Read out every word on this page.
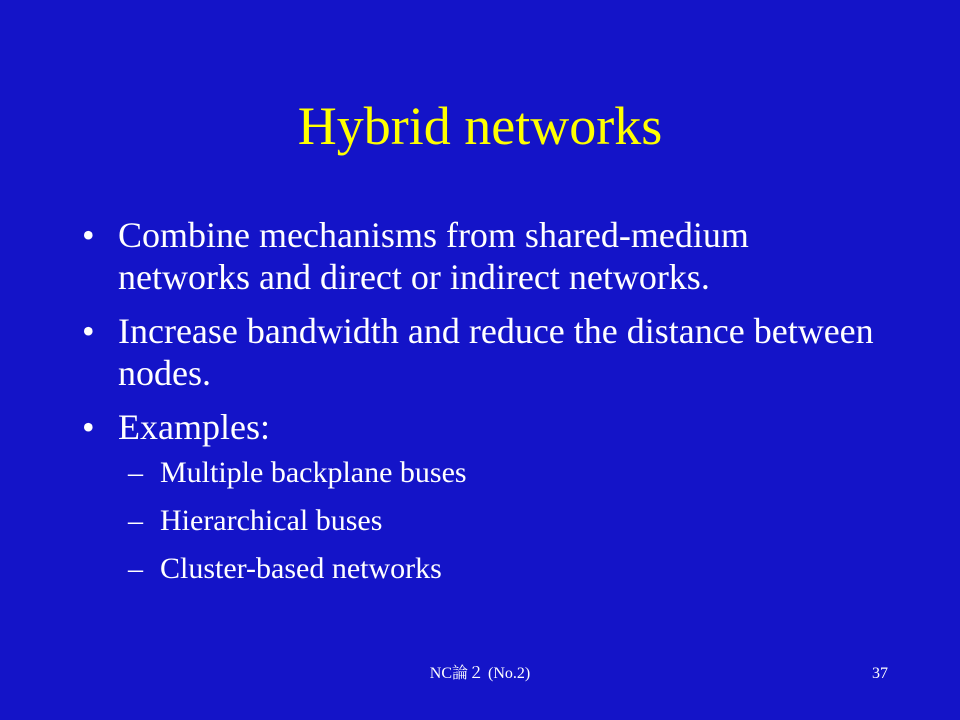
Hybrid networks
• Combine mechanisms from shared-medium networks and direct or indirect networks.
• Increase bandwidth and reduce the distance between nodes.
• Examples:
– Multiple backplane buses
– Hierarchical buses
– Cluster-based networks
NC論２ (No.2)	37
